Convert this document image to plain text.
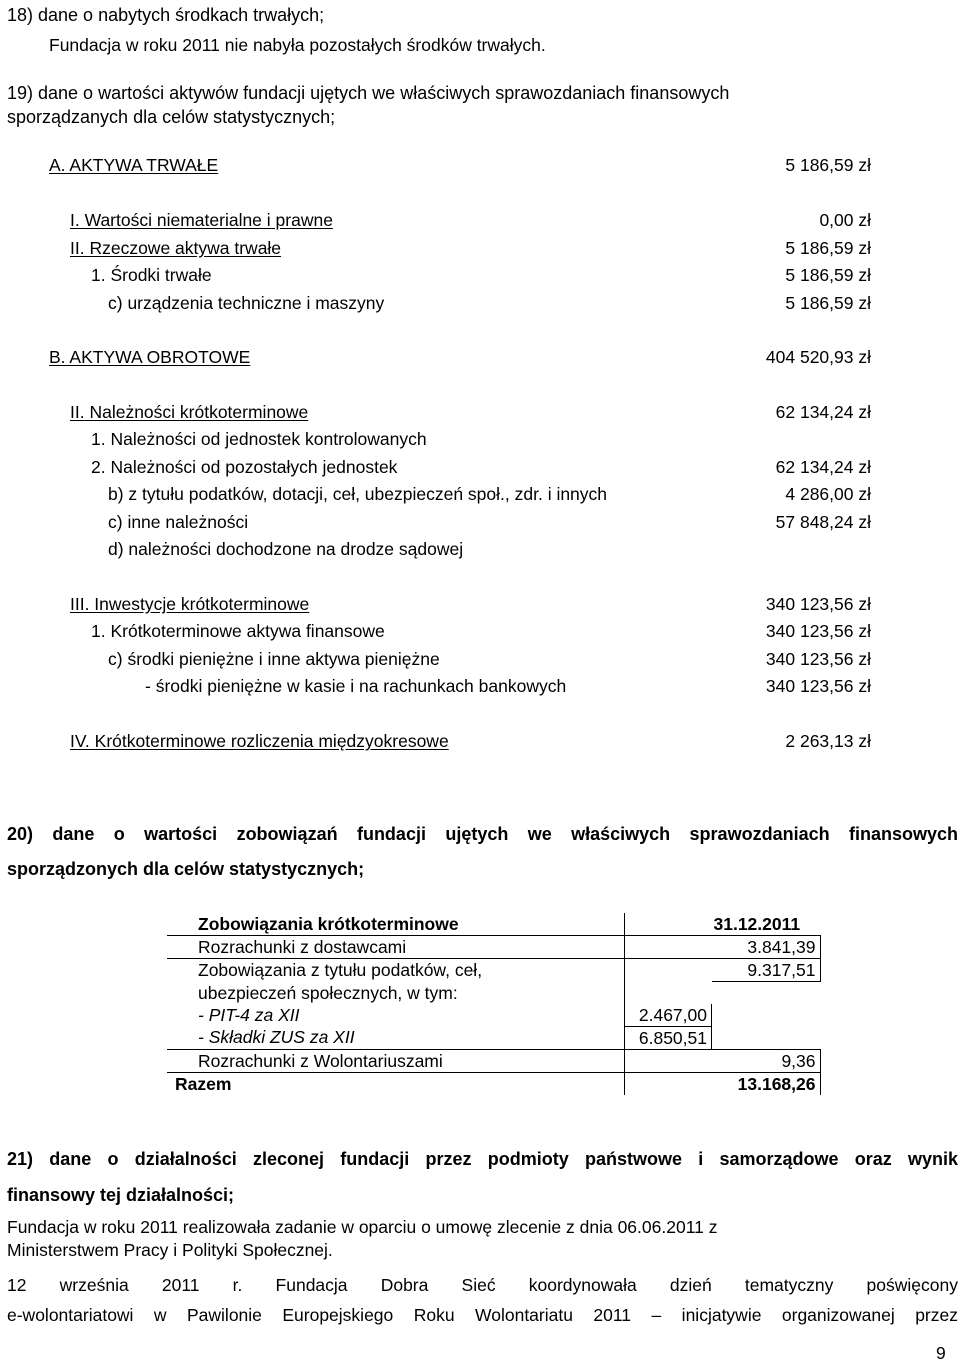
18) dane o nabytych środkach trwałych;
Fundacja w roku 2011 nie nabyła pozostałych środków trwałych.
19) dane o wartości aktywów fundacji ujętych we właściwych sprawozdaniach finansowych
sporządzanych dla celów statystycznych;
A. AKTYWA TRWAŁE	5 186,59 zł
I. Wartości niematerialne i prawne	0,00 zł
II. Rzeczowe aktywa trwałe	5 186,59 zł
1. Środki trwałe	5 186,59 zł
c) urządzenia techniczne i maszyny	5 186,59 zł
B. AKTYWA OBROTOWE	404 520,93 zł
II. Należności krótkoterminowe	62 134,24 zł
1. Należności od jednostek kontrolowanych
2. Należności od pozostałych jednostek	62 134,24 zł
b) z tytułu podatków, dotacji, ceł, ubezpieczeń społ., zdr. i innych	4 286,00 zł
c) inne należności	57 848,24 zł
d) należności dochodzone na drodze sądowej
III. Inwestycje krótkoterminowe	340 123,56 zł
1. Krótkoterminowe aktywa finansowe	340 123,56 zł
c) środki pieniężne i inne aktywa pieniężne	340 123,56 zł
- środki pieniężne w kasie i na rachunkach bankowych	340 123,56 zł
IV. Krótkoterminowe rozliczenia międzyokresowe	2 263,13 zł
20) dane o wartości zobowiązań fundacji ujętych we właściwych sprawozdaniach finansowych
sporządzonych dla celów statystycznych;
Zobowiązania krótkoterminowe		31.12.2011
Rozrachunki z dostawcami		3.841,39
Zobowiązania z tytułu podatków, ceł,		9.317,51
ubezpieczeń społecznych, w tym:		
- PIT-4 za XII	2.467,00	
- Składki ZUS za XII	6.850,51	
Rozrachunki z Wolontariuszami		9,36
Razem		13.168,26
21) dane o działalności zleconej fundacji przez podmioty państwowe i samorządowe oraz wynik
finansowy tej działalności;
Fundacja w roku 2011 realizowała zadanie w oparciu o umowę zlecenie z dnia 06.06.2011 z
Ministerstwem Pracy i Polityki Społecznej.
12 września 2011 r. Fundacja Dobra Sieć koordynowała dzień tematyczny poświęcony
e-wolontariatowi w Pawilonie Europejskiego Roku Wolontariatu 2011 – inicjatywie organizowanej przez
9
